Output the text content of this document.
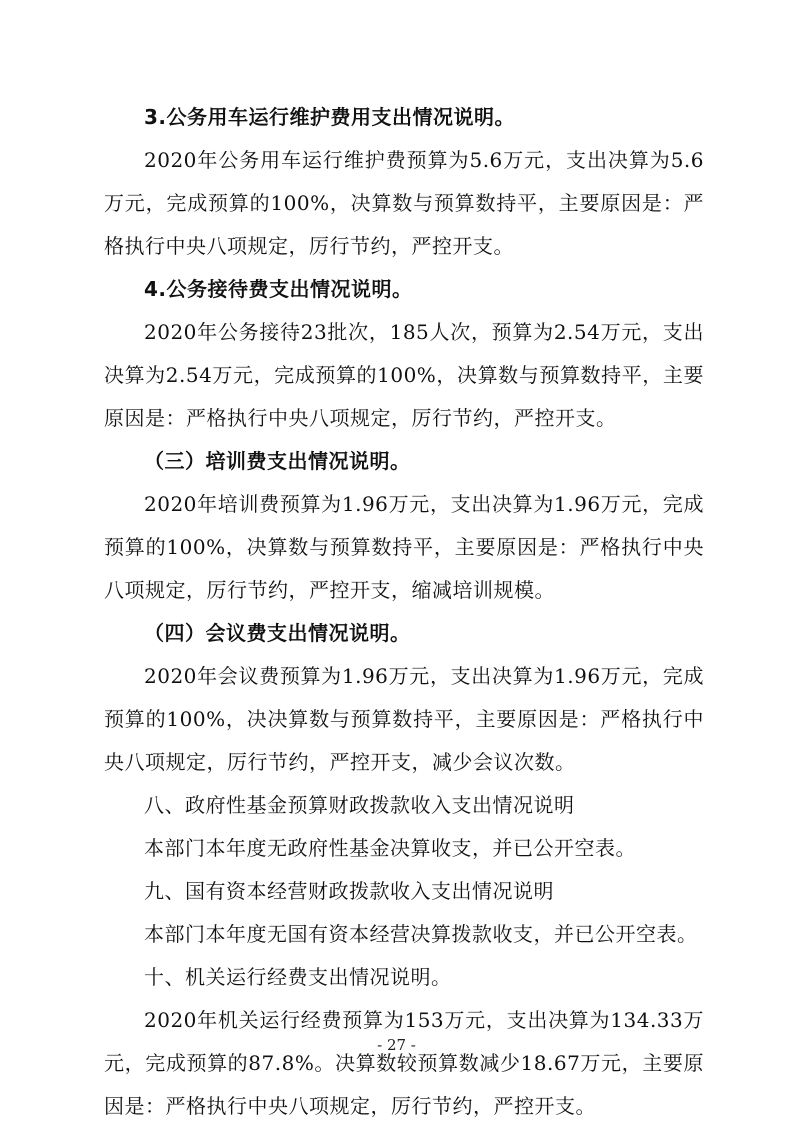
3.公务用车运行维护费用支出情况说明。

2020年公务用车运行维护费预算为5.6万元，支出决算为5.6万元，完成预算的100%，决算数与预算数持平，主要原因是：严格执行中央八项规定，厉行节约，严控开支。

4.公务接待费支出情况说明。

2020年公务接待23批次，185人次，预算为2.54万元，支出决算为2.54万元，完成预算的100%，决算数与预算数持平，主要原因是：严格执行中央八项规定，厉行节约，严控开支。

（三）培训费支出情况说明。

2020年培训费预算为1.96万元，支出决算为1.96万元，完成预算的100%，决算数与预算数持平，主要原因是：严格执行中央八项规定，厉行节约，严控开支，缩减培训规模。

（四）会议费支出情况说明。

2020年会议费预算为1.96万元，支出决算为1.96万元，完成预算的100%，决决算数与预算数持平，主要原因是：严格执行中央八项规定，厉行节约，严控开支，减少会议次数。

八、政府性基金预算财政拨款收入支出情况说明

本部门本年度无政府性基金决算收支，并已公开空表。

九、国有资本经营财政拨款收入支出情况说明

本部门本年度无国有资本经营决算拨款收支，并已公开空表。

十、机关运行经费支出情况说明。

2020年机关运行经费预算为153万元，支出决算为134.33万元，完成预算的87.8%。决算数较预算数减少18.67万元，主要原因是：严格执行中央八项规定，厉行节约，严控开支。

- 27 -
